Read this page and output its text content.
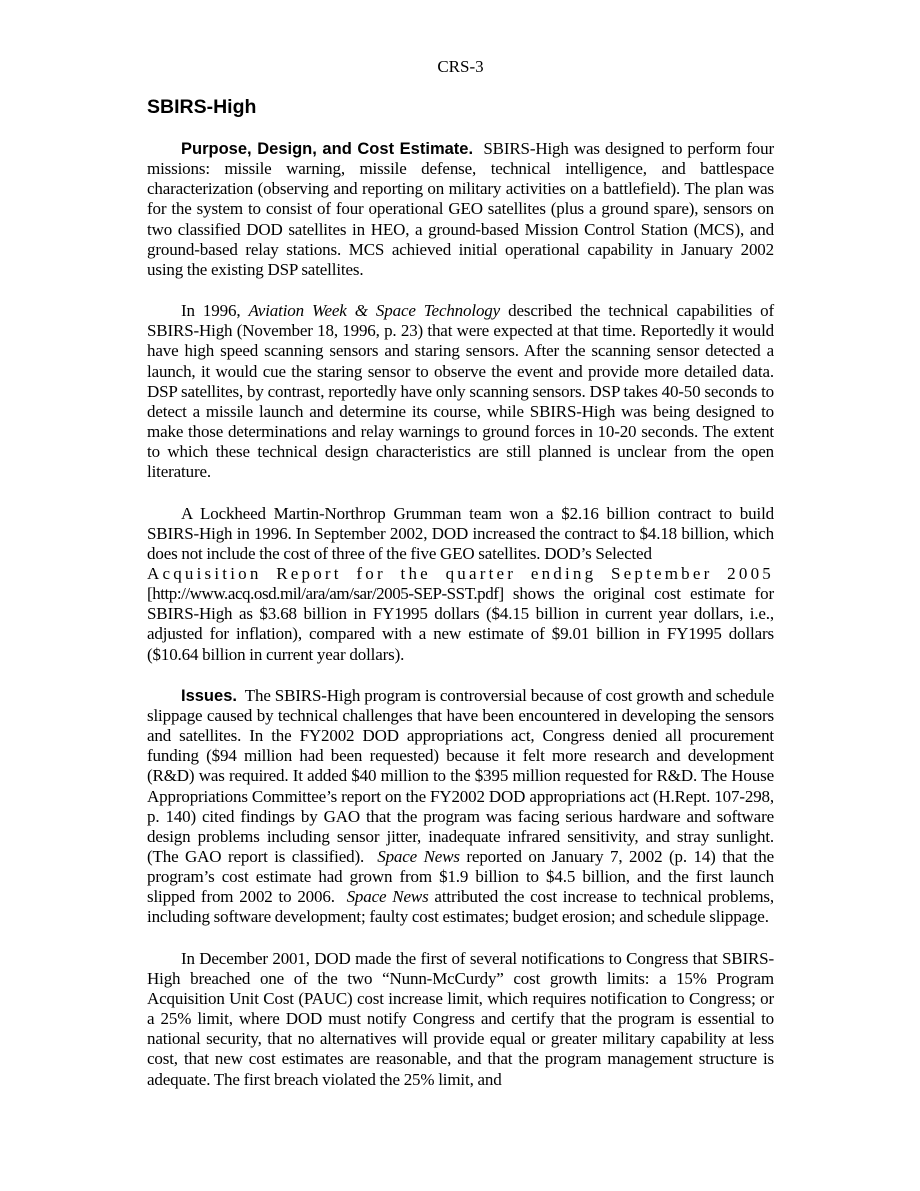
CRS-3
SBIRS-High

Purpose, Design, and Cost Estimate. SBIRS-High was designed to perform four missions: missile warning, missile defense, technical intelligence, and battlespace characterization (observing and reporting on military activities on a battlefield). The plan was for the system to consist of four operational GEO satellites (plus a ground spare), sensors on two classified DOD satellites in HEO, a ground-based Mission Control Station (MCS), and ground-based relay stations. MCS achieved initial operational capability in January 2002 using the existing DSP satellites.

In 1996, Aviation Week & Space Technology described the technical capabilities of SBIRS-High (November 18, 1996, p. 23) that were expected at that time. Reportedly it would have high speed scanning sensors and staring sensors. After the scanning sensor detected a launch, it would cue the staring sensor to observe the event and provide more detailed data. DSP satellites, by contrast, reportedly have only scanning sensors. DSP takes 40-50 seconds to detect a missile launch and determine its course, while SBIRS-High was being designed to make those determinations and relay warnings to ground forces in 10-20 seconds. The extent to which these technical design characteristics are still planned is unclear from the open literature.

A Lockheed Martin-Northrop Grumman team won a $2.16 billion contract to build SBIRS-High in 1996. In September 2002, DOD increased the contract to $4.18 billion, which does not include the cost of three of the five GEO satellites. DOD’s Selected
Acquisition Report for the quarter ending September 2005
[http://www.acq.osd.mil/ara/am/sar/2005-SEP-SST.pdf] shows the original cost estimate for SBIRS-High as $3.68 billion in FY1995 dollars ($4.15 billion in current year dollars, i.e., adjusted for inflation), compared with a new estimate of $9.01 billion in FY1995 dollars ($10.64 billion in current year dollars).

Issues. The SBIRS-High program is controversial because of cost growth and schedule slippage caused by technical challenges that have been encountered in developing the sensors and satellites. In the FY2002 DOD appropriations act, Congress denied all procurement funding ($94 million had been requested) because it felt more research and development (R&D) was required. It added $40 million to the $395 million requested for R&D. The House Appropriations Committee’s report on the FY2002 DOD appropriations act (H.Rept. 107-298, p. 140) cited findings by GAO that the program was facing serious hardware and software design problems including sensor jitter, inadequate infrared sensitivity, and stray sunlight. (The GAO report is classified). Space News reported on January 7, 2002 (p. 14) that the program’s cost estimate had grown from $1.9 billion to $4.5 billion, and the first launch slipped from 2002 to 2006. Space News attributed the cost increase to technical problems, including software development; faulty cost estimates; budget erosion; and schedule slippage.

In December 2001, DOD made the first of several notifications to Congress that SBIRS-High breached one of the two “Nunn-McCurdy” cost growth limits: a 15% Program Acquisition Unit Cost (PAUC) cost increase limit, which requires notification to Congress; or a 25% limit, where DOD must notify Congress and certify that the program is essential to national security, that no alternatives will provide equal or greater military capability at less cost, that new cost estimates are reasonable, and that the program management structure is adequate. The first breach violated the 25% limit, and
